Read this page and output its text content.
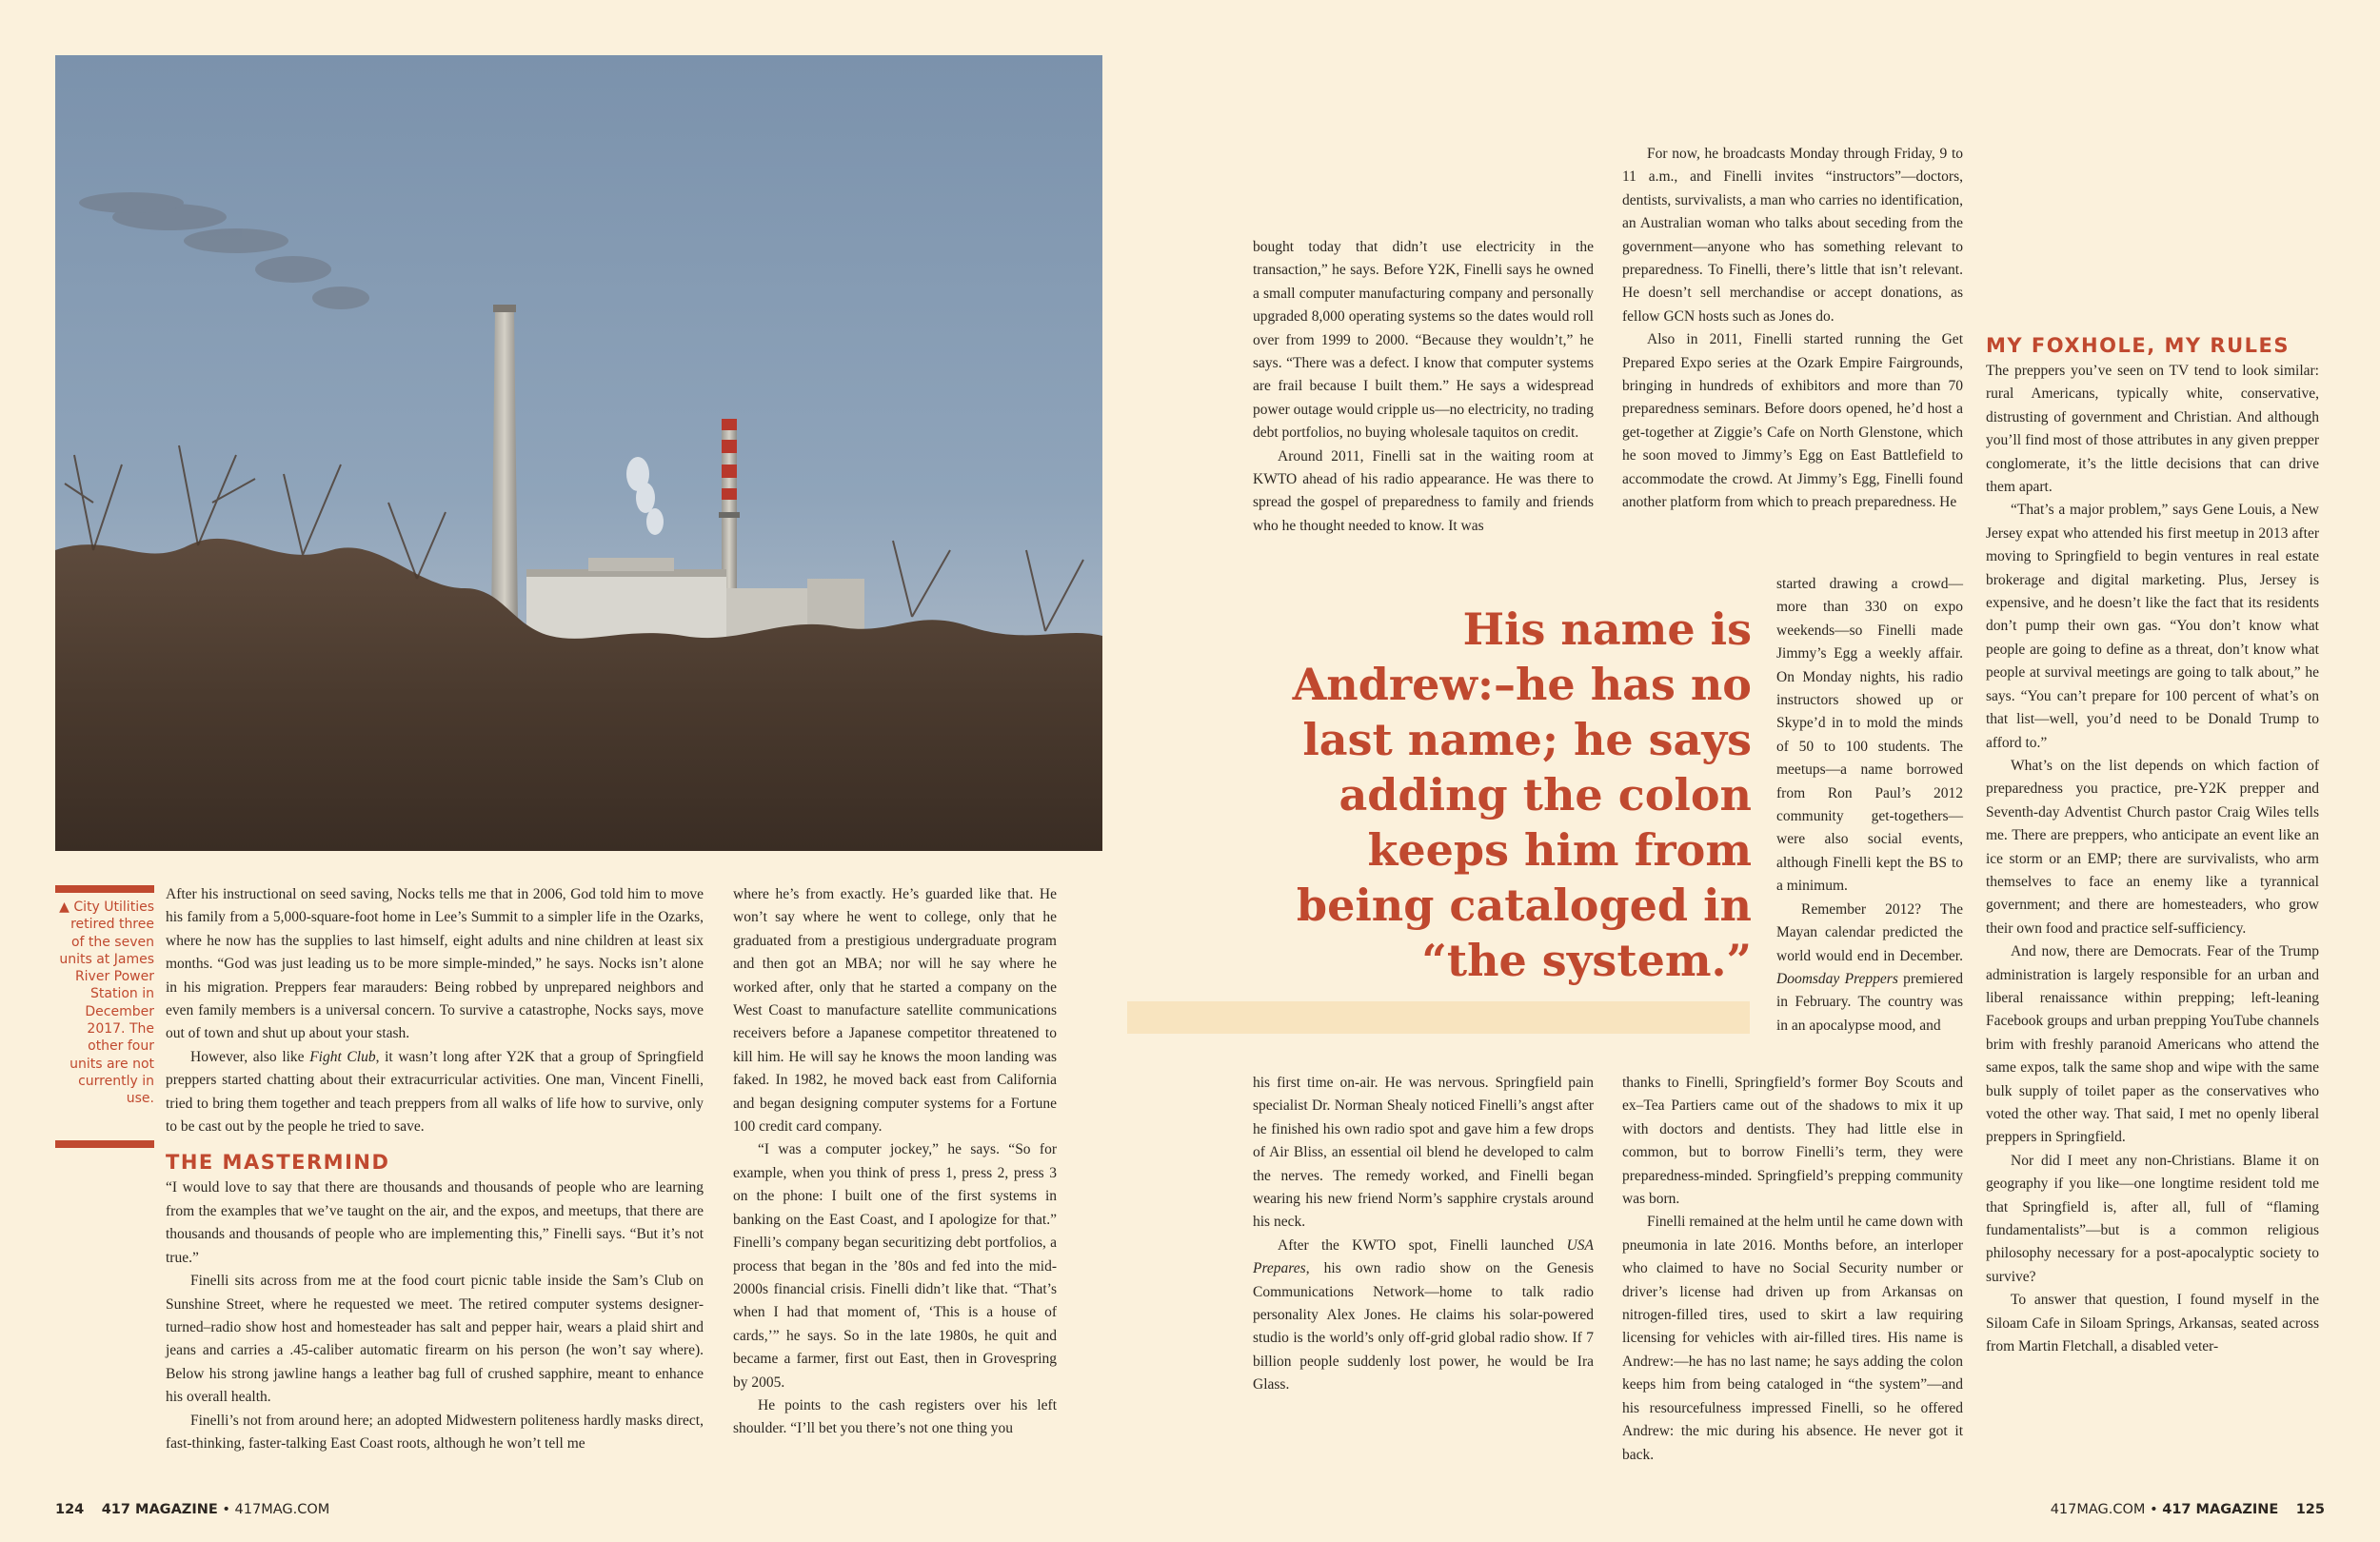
▲ City Utilities retired three of the seven units at James River Power Station in December 2017. The other four units are not currently in use.

After his instructional on seed saving, Nocks tells me that in 2006, God told him to move his family from a 5,000-square-foot home in Lee’s Summit to a simpler life in the Ozarks, where he now has the supplies to last himself, eight adults and nine children at least six months. “God was just leading us to be more simple-minded,” he says. Nocks isn’t alone in his migration. Preppers fear marauders: Being robbed by unprepared neighbors and even family members is a universal concern. To survive a catastrophe, Nocks says, move out of town and shut up about your stash.

However, also like Fight Club, it wasn’t long after Y2K that a group of Springfield preppers started chatting about their extracurricular activities. One man, Vincent Finelli, tried to bring them together and teach preppers from all walks of life how to survive, only to be cast out by the people he tried to save.

THE MASTERMIND

“I would love to say that there are thousands and thousands of people who are learning from the examples that we’ve taught on the air, and the expos, and meetups, that there are thousands and thousands of people who are implementing this,” Finelli says. “But it’s not true.”

Finelli sits across from me at the food court picnic table inside the Sam’s Club on Sunshine Street, where he requested we meet. The retired computer systems designer-turned–radio show host and homesteader has salt and pepper hair, wears a plaid shirt and jeans and carries a .45-caliber automatic firearm on his person (he won’t say where). Below his strong jawline hangs a leather bag full of crushed sapphire, meant to enhance his overall health.

Finelli’s not from around here; an adopted Midwestern politeness hardly masks direct, fast-thinking, faster-talking East Coast roots, although he won’t tell me

where he’s from exactly. He’s guarded like that. He won’t say where he went to college, only that he graduated from a prestigious undergraduate program and then got an MBA; nor will he say where he worked after, only that he started a company on the West Coast to manufacture satellite communications receivers before a Japanese competitor threatened to kill him. He will say he knows the moon landing was faked. In 1982, he moved back east from California and began designing computer systems for a Fortune 100 credit card company.

“I was a computer jockey,” he says. “So for example, when you think of press 1, press 2, press 3 on the phone: I built one of the first systems in banking on the East Coast, and I apologize for that.” Finelli’s company began securitizing debt portfolios, a process that began in the ’80s and fed into the mid-2000s financial crisis. Finelli didn’t like that. “That’s when I had that moment of, ‘This is a house of cards,’” he says. So in the late 1980s, he quit and became a farmer, first out East, then in Grovespring by 2005.

He points to the cash registers over his left shoulder. “I’ll bet you there’s not one thing you

bought today that didn’t use electricity in the transaction,” he says. Before Y2K, Finelli says he owned a small computer manufacturing company and personally upgraded 8,000 operating systems so the dates would roll over from 1999 to 2000. “Because they wouldn’t,” he says. “There was a defect. I know that computer systems are frail because I built them.” He says a widespread power outage would cripple us—no electricity, no trading debt portfolios, no buying wholesale taquitos on credit.

Around 2011, Finelli sat in the waiting room at KWTO ahead of his radio appearance. He was there to spread the gospel of preparedness to family and friends who he thought needed to know. It was

his first time on-air. He was nervous. Springfield pain specialist Dr. Norman Shealy noticed Finelli’s angst after he finished his own radio spot and gave him a few drops of Air Bliss, an essential oil blend he developed to calm the nerves. The remedy worked, and Finelli began wearing his new friend Norm’s sapphire crystals around his neck.

After the KWTO spot, Finelli launched USA Prepares, his own radio show on the Genesis Communications Network—home to talk radio personality Alex Jones. He claims his solar-powered studio is the world’s only off-grid global radio show. If 7 billion people suddenly lost power, he would be Ira Glass.

For now, he broadcasts Monday through Friday, 9 to 11 a.m., and Finelli invites “instructors”—doctors, dentists, survivalists, a man who carries no identification, an Australian woman who talks about seceding from the government—anyone who has something relevant to preparedness. To Finelli, there’s little that isn’t relevant. He doesn’t sell merchandise or accept donations, as fellow GCN hosts such as Jones do.

Also in 2011, Finelli started running the Get Prepared Expo series at the Ozark Empire Fairgrounds, bringing in hundreds of exhibitors and more than 70 preparedness seminars. Before doors opened, he’d host a get-together at Ziggie’s Cafe on North Glenstone, which he soon moved to Jimmy’s Egg on East Battlefield to accommodate the crowd. At Jimmy’s Egg, Finelli found another platform from which to preach preparedness. He

started drawing a crowd—more than 330 on expo weekends—so Finelli made Jimmy’s Egg a weekly affair. On Monday nights, his radio instructors showed up or Skype’d in to mold the minds of 50 to 100 students. The meetups—a name borrowed from Ron Paul’s 2012 community get-togethers—were also social events, although Finelli kept the BS to a minimum.

Remember 2012? The Mayan calendar predicted the world would end in December. Doomsday Preppers premiered in February. The country was in an apocalypse mood, and

thanks to Finelli, Springfield’s former Boy Scouts and ex–Tea Partiers came out of the shadows to mix it up with doctors and dentists. They had little else in common, but to borrow Finelli’s term, they were preparedness-minded. Springfield’s prepping community was born.

Finelli remained at the helm until he came down with pneumonia in late 2016. Months before, an interloper who claimed to have no Social Security number or driver’s license had driven up from Arkansas on nitrogen-filled tires, used to skirt a law requiring licensing for vehicles with air-filled tires. His name is Andrew:—he has no last name; he says adding the colon keeps him from being cataloged in “the system”—and his resourcefulness impressed Finelli, so he offered Andrew: the mic during his absence. He never got it back.

His name is Andrew:–he has no last name; he says adding the colon keeps him from being cataloged in “the system.”
MY FOXHOLE, MY RULES

The preppers you’ve seen on TV tend to look similar: rural Americans, typically white, conservative, distrusting of government and Christian. And although you’ll find most of those attributes in any given prepper conglomerate, it’s the little decisions that can drive them apart.

“That’s a major problem,” says Gene Louis, a New Jersey expat who attended his first meetup in 2013 after moving to Springfield to begin ventures in real estate brokerage and digital marketing. Plus, Jersey is expensive, and he doesn’t like the fact that its residents don’t pump their own gas. “You don’t know what people are going to define as a threat, don’t know what people at survival meetings are going to talk about,” he says. “You can’t prepare for 100 percent of what’s on that list—well, you’d need to be Donald Trump to afford to.”

What’s on the list depends on which faction of preparedness you practice, pre-Y2K prepper and Seventh-day Adventist Church pastor Craig Wiles tells me. There are preppers, who anticipate an event like an ice storm or an EMP; there are survivalists, who arm themselves to face an enemy like a tyrannical government; and there are homesteaders, who grow their own food and practice self-sufficiency.

And now, there are Democrats. Fear of the Trump administration is largely responsible for an urban and liberal renaissance within prepping; left-leaning Facebook groups and urban prepping YouTube channels brim with freshly paranoid Americans who attend the same expos, talk the same shop and wipe with the same bulk supply of toilet paper as the conservatives who voted the other way. That said, I met no openly liberal preppers in Springfield.

Nor did I meet any non-Christians. Blame it on geography if you like—one longtime resident told me that Springfield is, after all, full of “flaming fundamentalists”—but is a common religious philosophy necessary for a post-apocalyptic society to survive?

To answer that question, I found myself in the Siloam Cafe in Siloam Springs, Arkansas, seated across from Martin Fletchall, a disabled veter-

124 417 MAGAZINE • 417MAG.COM	417MAG.COM • 417 MAGAZINE 125
